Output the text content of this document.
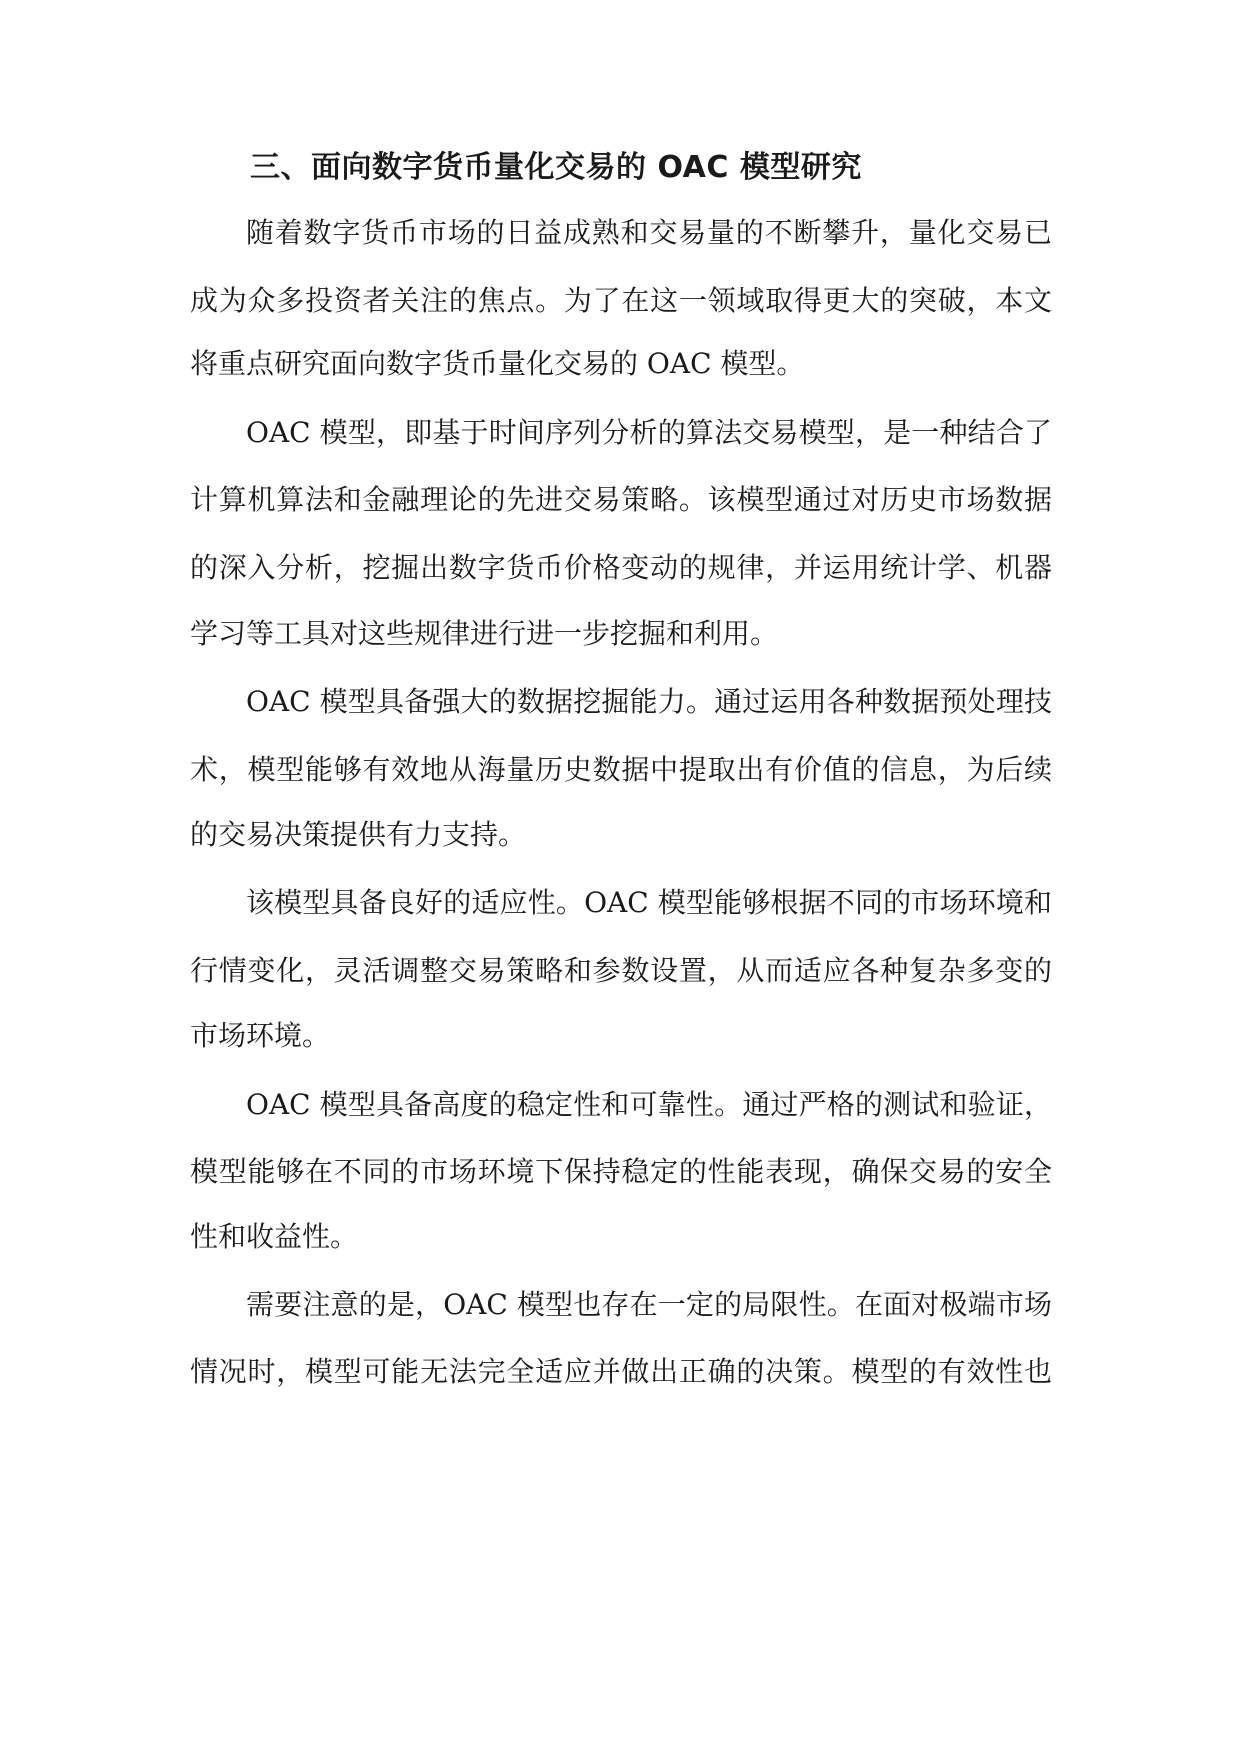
三、面向数字货币量化交易的 OAC 模型研究
随着数字货币市场的日益成熟和交易量的不断攀升，量化交易已
成为众多投资者关注的焦点。为了在这一领域取得更大的突破，本文
将重点研究面向数字货币量化交易的 OAC 模型。
OAC 模型，即基于时间序列分析的算法交易模型，是一种结合了
计算机算法和金融理论的先进交易策略。该模型通过对历史市场数据
的深入分析，挖掘出数字货币价格变动的规律，并运用统计学、机器
学习等工具对这些规律进行进一步挖掘和利用。
OAC 模型具备强大的数据挖掘能力。通过运用各种数据预处理技
术，模型能够有效地从海量历史数据中提取出有价值的信息，为后续
的交易决策提供有力支持。
该模型具备良好的适应性。OAC 模型能够根据不同的市场环境和
行情变化，灵活调整交易策略和参数设置，从而适应各种复杂多变的
市场环境。
OAC 模型具备高度的稳定性和可靠性。通过严格的测试和验证，
模型能够在不同的市场环境下保持稳定的性能表现，确保交易的安全
性和收益性。
需要注意的是，OAC 模型也存在一定的局限性。在面对极端市场
情况时，模型可能无法完全适应并做出正确的决策。模型的有效性也
